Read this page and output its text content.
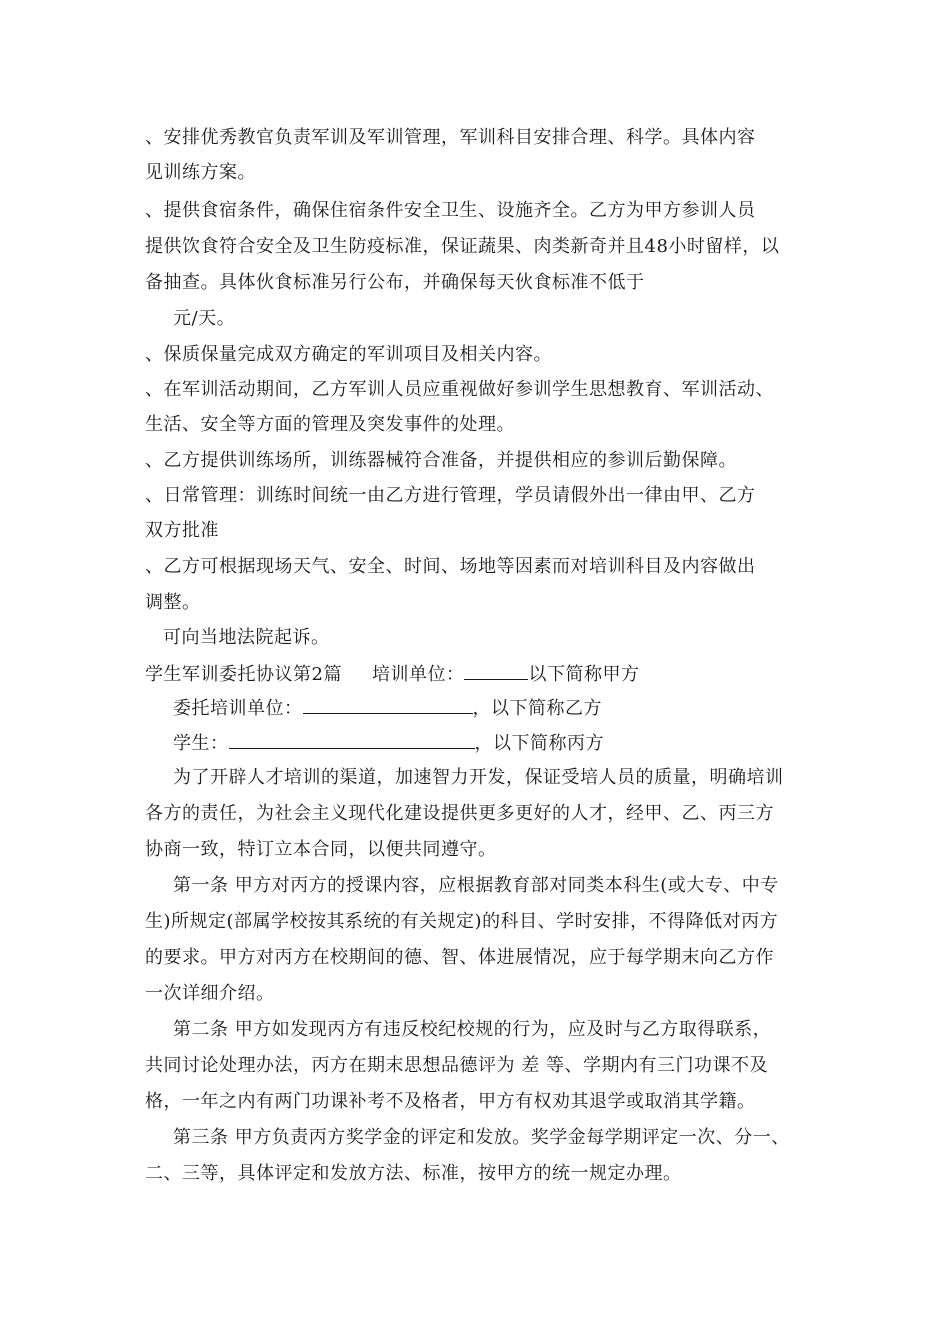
、安排优秀教官负责军训及军训管理，军训科目安排合理、科学。具体内容
见训练方案。
、提供食宿条件，确保住宿条件安全卫生、设施齐全。乙方为甲方参训人员
提供饮食符合安全及卫生防疫标准，保证蔬果、肉类新奇并且48小时留样，以
备抽查。具体伙食标准另行公布，并确保每天伙食标准不低于
元/天。
、保质保量完成双方确定的军训项目及相关内容。
、在军训活动期间，乙方军训人员应重视做好参训学生思想教育、军训活动、
生活、安全等方面的管理及突发事件的处理。
、乙方提供训练场所，训练器械符合准备，并提供相应的参训后勤保障。
、日常管理：训练时间统一由乙方进行管理，学员请假外出一律由甲、乙方
双方批准
、乙方可根据现场天气、安全、时间、场地等因素而对培训科目及内容做出
调整。
可向当地法院起诉。
学生军训委托协议第2篇 培训单位：	以下简称甲方
委托培训单位：	，以下简称乙方
学生：	，以下简称丙方
为了开辟人才培训的渠道，加速智力开发，保证受培人员的质量，明确培训
各方的责任，为社会主义现代化建设提供更多更好的人才，经甲、乙、丙三方
协商一致，特订立本合同，以便共同遵守。
第一条 甲方对丙方的授课内容，应根据教育部对同类本科生(或大专、中专
生)所规定(部属学校按其系统的有关规定)的科目、学时安排，不得降低对丙方
的要求。甲方对丙方在校期间的德、智、体进展情况，应于每学期末向乙方作
一次详细介绍。
第二条 甲方如发现丙方有违反校纪校规的行为，应及时与乙方取得联系，
共同讨论处理办法，丙方在期末思想品德评为 差 等、学期内有三门功课不及
格，一年之内有两门功课补考不及格者，甲方有权劝其退学或取消其学籍。
第三条 甲方负责丙方奖学金的评定和发放。奖学金每学期评定一次、分一、
二、三等，具体评定和发放方法、标准，按甲方的统一规定办理。
